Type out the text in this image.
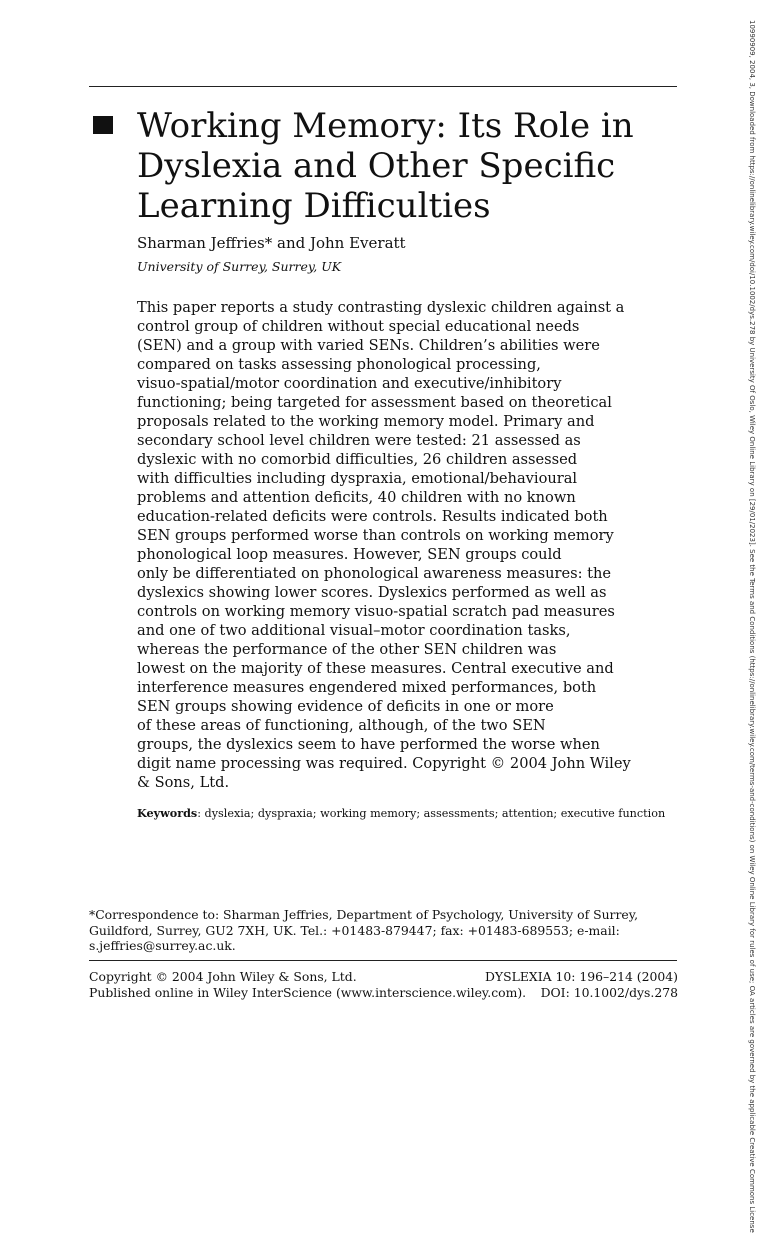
Working Memory: Its Role in Dyslexia and Other Specific Learning Difficulties
Sharman Jeffries* and John Everatt
University of Surrey, Surrey, UK
This paper reports a study contrasting dyslexic children against a
control group of children without special educational needs
(SEN) and a group with varied SENs. Children’s abilities were
compared on tasks assessing phonological processing,
visuo-spatial/motor coordination and executive/inhibitory
functioning; being targeted for assessment based on theoretical
proposals related to the working memory model. Primary and
secondary school level children were tested: 21 assessed as
dyslexic with no comorbid difficulties, 26 children assessed
with difficulties including dyspraxia, emotional/behavioural
problems and attention deficits, 40 children with no known
education-related deficits were controls. Results indicated both
SEN groups performed worse than controls on working memory
phonological loop measures. However, SEN groups could
only be differentiated on phonological awareness measures: the
dyslexics showing lower scores. Dyslexics performed as well as
controls on working memory visuo-spatial scratch pad measures
and one of two additional visual–motor coordination tasks,
whereas the performance of the other SEN children was
lowest on the majority of these measures. Central executive and
interference measures engendered mixed performances, both
SEN groups showing evidence of deficits in one or more
of these areas of functioning, although, of the two SEN
groups, the dyslexics seem to have performed the worse when
digit name processing was required. Copyright © 2004 John Wiley
& Sons, Ltd.
Keywords: dyslexia; dyspraxia; working memory; assessments; attention; executive function
*Correspondence to: Sharman Jeffries, Department of Psychology, University of Surrey,
Guildford, Surrey, GU2 7XH, UK. Tel.: +01483-879447; fax: +01483-689553; e-mail:
s.jeffries@surrey.ac.uk.
Copyright © 2004 John Wiley & Sons, Ltd.
Published online in Wiley InterScience (www.interscience.wiley.com).
DYSLEXIA 10: 196–214 (2004)
DOI: 10.1002/dys.278	10990909, 2004, 3, Downloaded from https://onlinelibrary.wiley.com/doi/10.1002/dys.278 by University Of Oslo, Wiley Online Library on [29/01/2023]. See the Terms and Conditions (https://onlinelibrary.wiley.com/terms-and-conditions) on Wiley Online Library for rules of use; OA articles are governed by the applicable Creative Commons License
